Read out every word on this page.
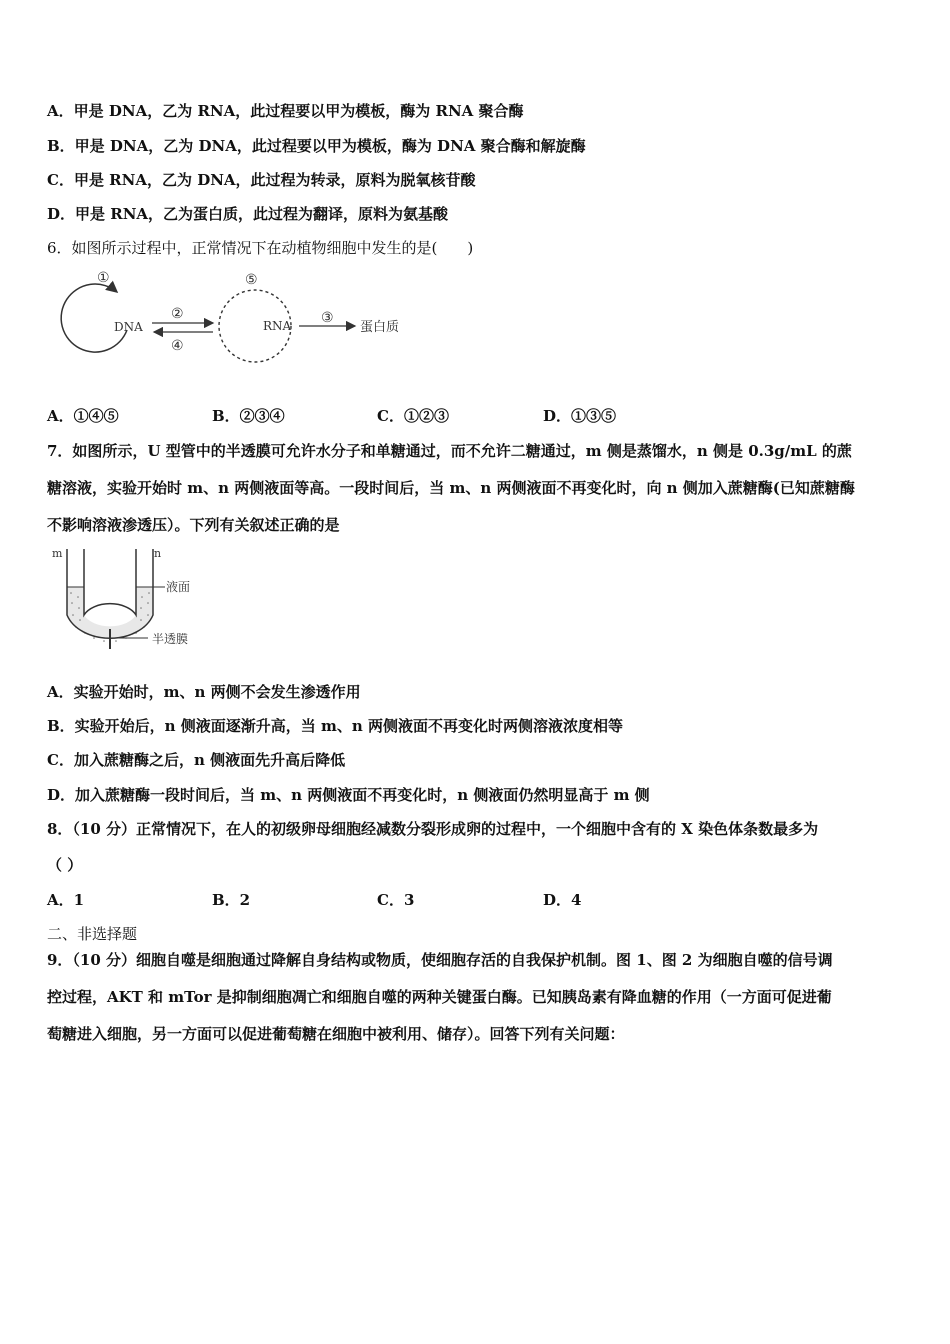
A．甲是 DNA，乙为 RNA，此过程要以甲为模板，酶为 RNA 聚合酶
B．甲是 DNA，乙为 DNA，此过程要以甲为模板，酶为 DNA 聚合酶和解旋酶
C．甲是 RNA，乙为 DNA，此过程为转录，原料为脱氧核苷酸
D．甲是 RNA，乙为蛋白质，此过程为翻译，原料为氨基酸
6．如图所示过程中，正常情况下在动植物细胞中发生的是(　　)
①
DNA
②
④
⑤
RNA ③
蛋白质
A．①④⑤	B．②③④	C．①②③	D．①③⑤
7．如图所示，U 型管中的半透膜可允许水分子和单糖通过，而不允许二糖通过，m 侧是蒸馏水，n 侧是 0.3g/mL 的蔗
糖溶液，实验开始时 m、n 两侧液面等高。一段时间后，当 m、n 两侧液面不再变化时，向 n 侧加入蔗糖酶(已知蔗糖酶
不影响溶液渗透压）。下列有关叙述正确的是
m	n
液面
半透膜
A．实验开始时，m、n 两侧不会发生渗透作用
B．实验开始后，n 侧液面逐渐升高，当 m、n 两侧液面不再变化时两侧溶液浓度相等
C．加入蔗糖酶之后，n 侧液面先升高后降低
D．加入蔗糖酶一段时间后，当 m、n 两侧液面不再变化时，n 侧液面仍然明显高于 m 侧
8．（10 分）正常情况下，在人的初级卵母细胞经减数分裂形成卵的过程中，一个细胞中含有的 X 染色体条数最多为
（ ）
A．1	B．2	C．3	D．4
二、非选择题
9．（10 分）细胞自噬是细胞通过降解自身结构或物质，使细胞存活的自我保护机制。图 1、图 2 为细胞自噬的信号调
控过程，AKT 和 mTor 是抑制细胞凋亡和细胞自噬的两种关键蛋白酶。已知胰岛素有降血糖的作用（一方面可促进葡
萄糖进入细胞，另一方面可以促进葡萄糖在细胞中被利用、储存）。回答下列有关问题：
